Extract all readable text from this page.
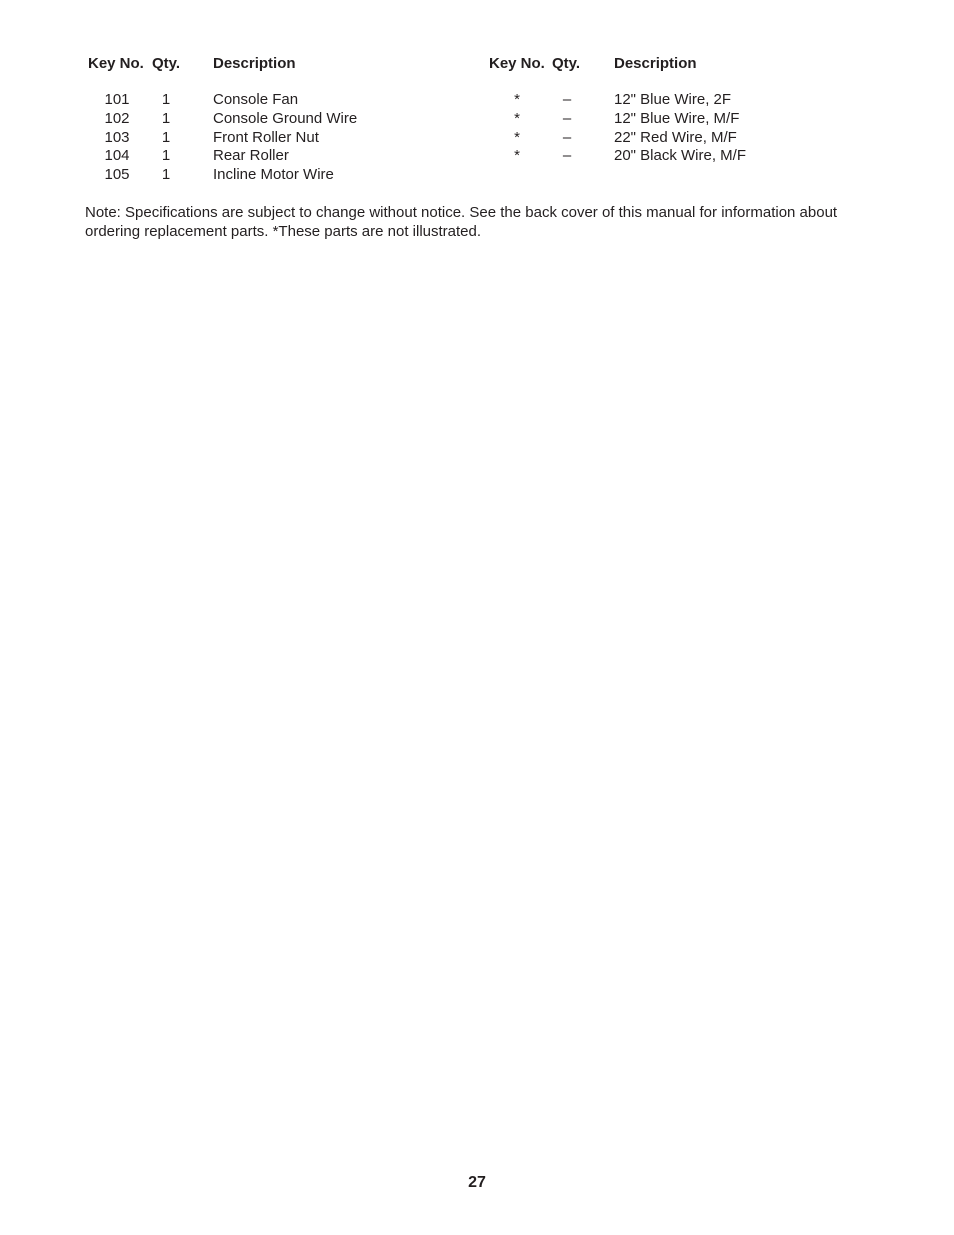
Key No. Qty. Description	Key No. Qty. Description
101	1	Console Fan
102	1	Console Ground Wire
103	1	Front Roller Nut
104	1	Rear Roller
105	1	Incline Motor Wire
*	–	12" Blue Wire, 2F
*	–	12" Blue Wire, M/F
*	–	22" Red Wire, M/F
*	–	20" Black Wire, M/F
Note: Specifications are subject to change without notice. See the back cover of this manual for information about ordering replacement parts. *These parts are not illustrated.
27
